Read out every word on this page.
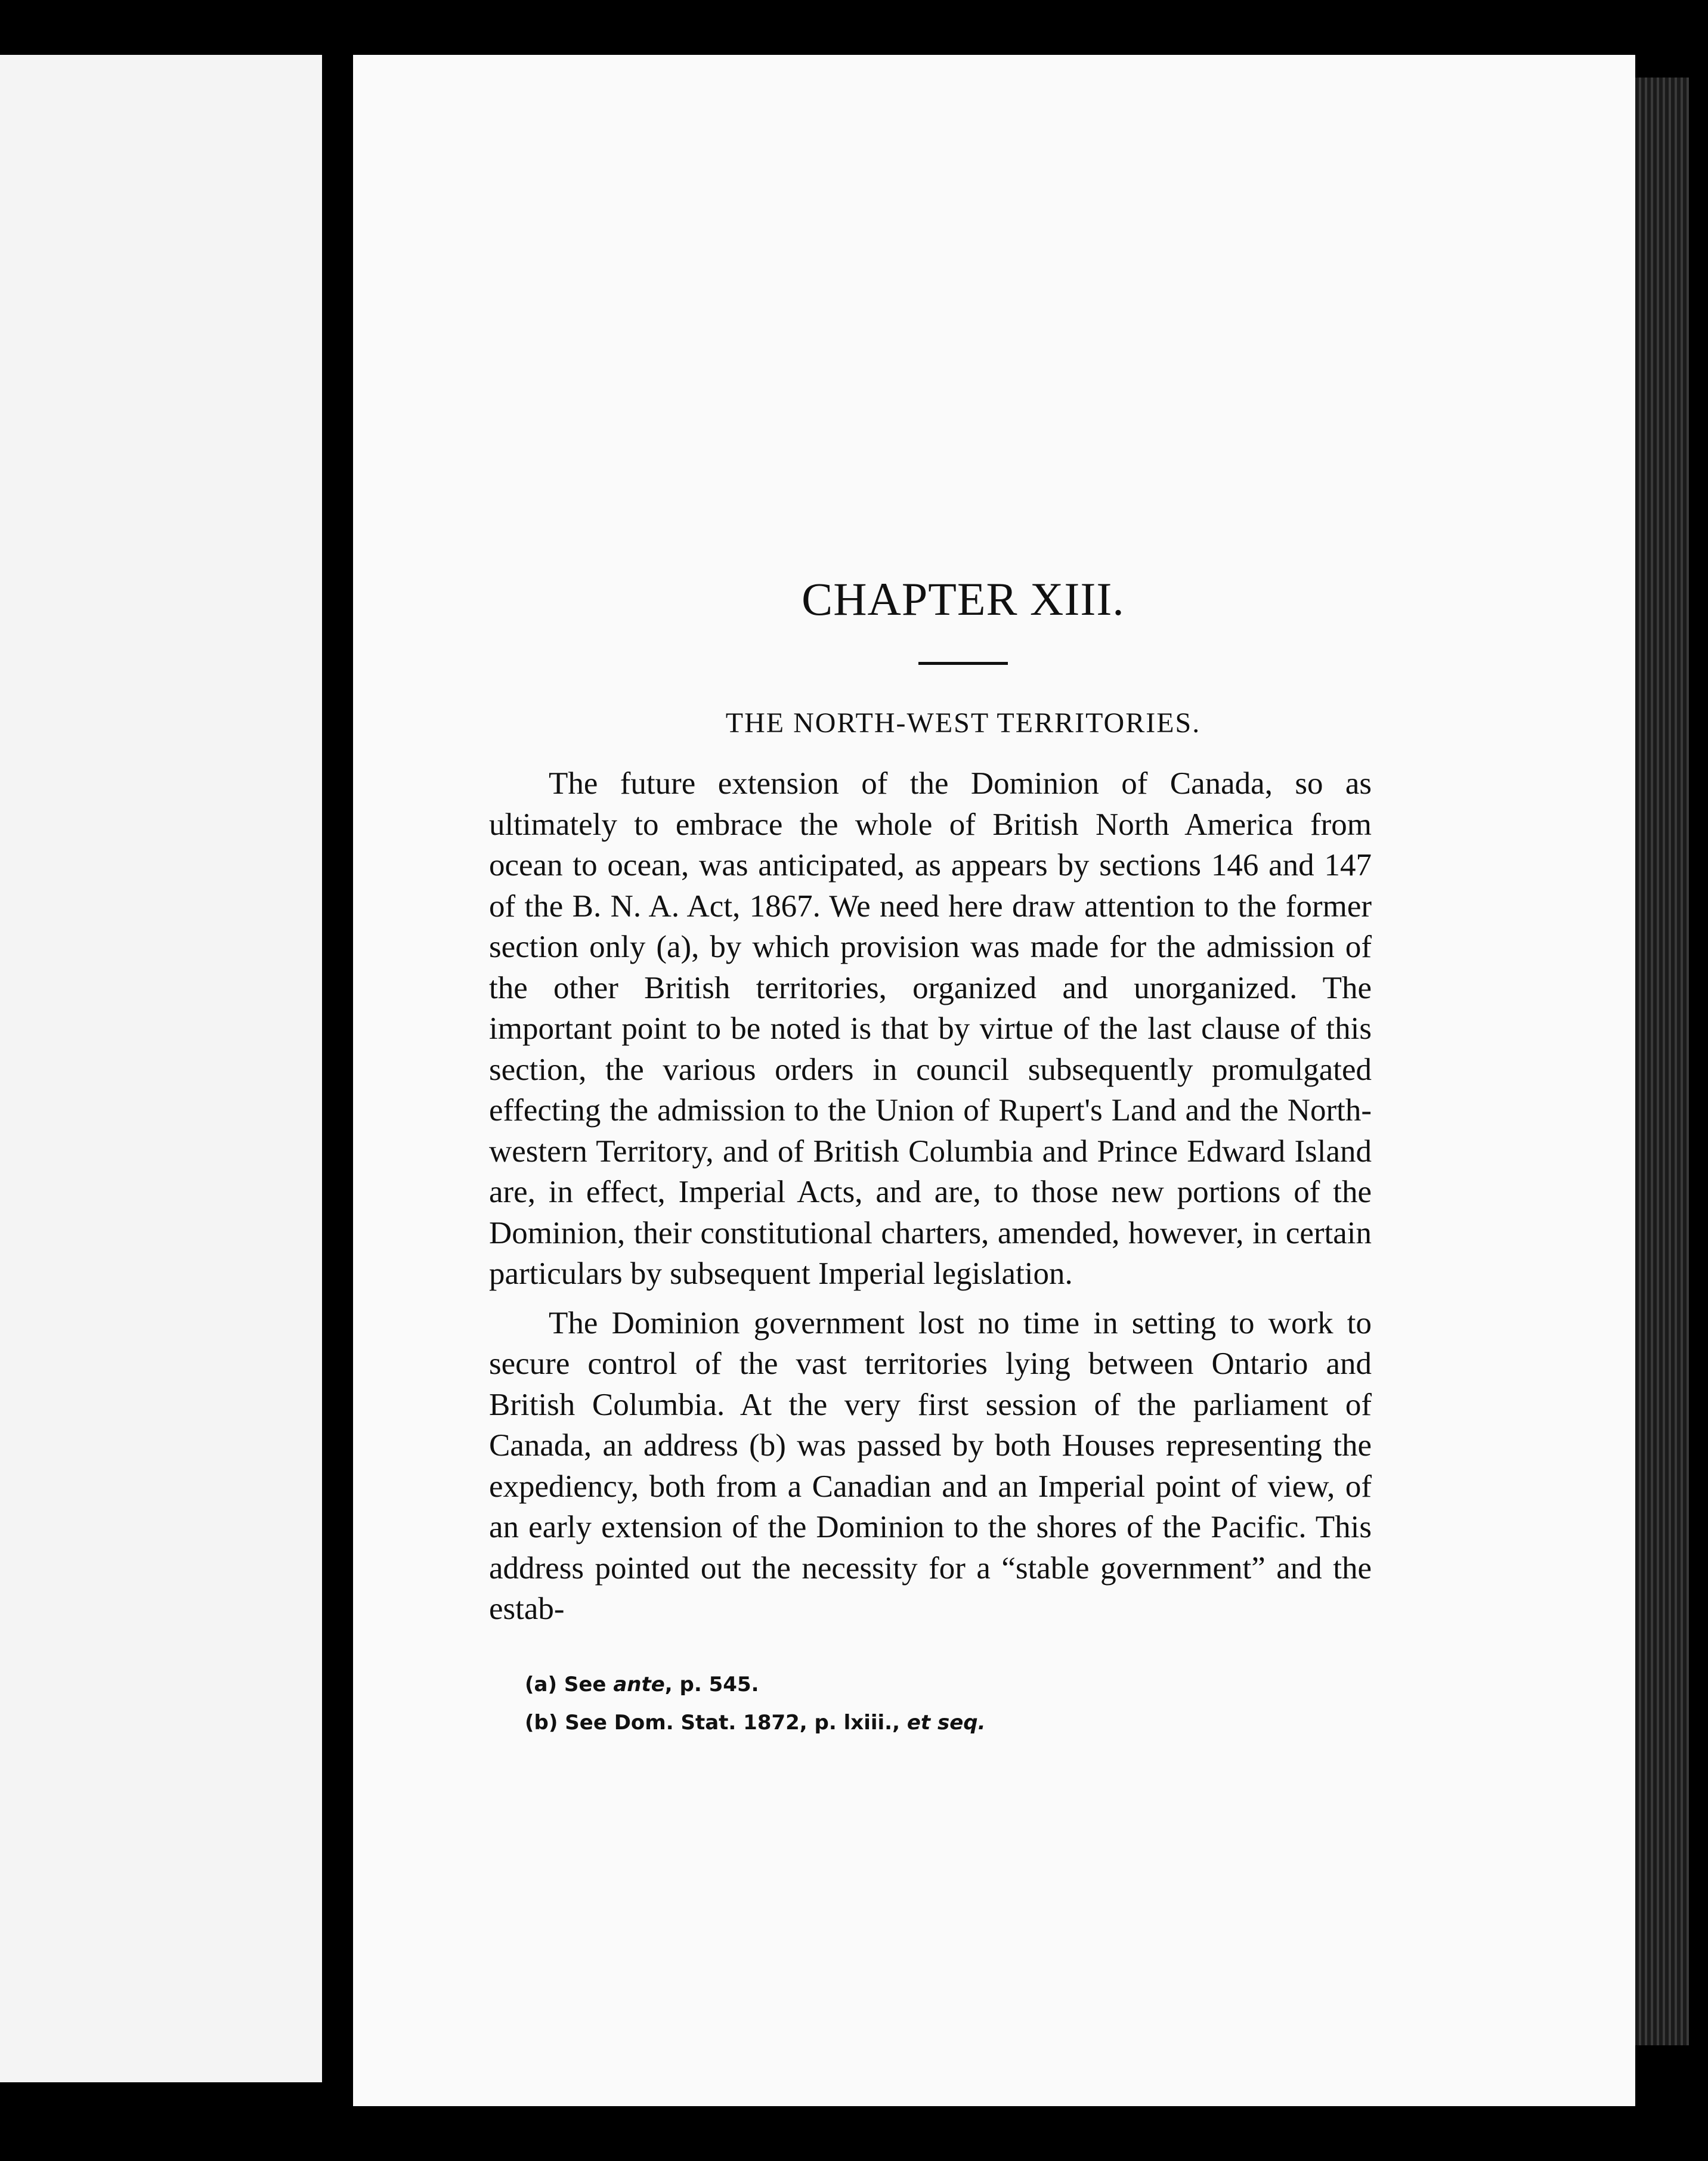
CHAPTER XIII.
THE NORTH-WEST TERRITORIES.

The future extension of the Dominion of Canada, so as ultimately to embrace the whole of British North America from ocean to ocean, was anticipated, as appears by sections 146 and 147 of the B. N. A. Act, 1867. We need here draw attention to the former section only (a), by which provision was made for the admission of the other British territories, organized and unorganized. The important point to be noted is that by virtue of the last clause of this section, the various orders in council subsequently promulgated effecting the admission to the Union of Rupert's Land and the North-western Territory, and of British Columbia and Prince Edward Island are, in effect, Imperial Acts, and are, to those new portions of the Dominion, their constitutional charters, amended, however, in certain particulars by subsequent Imperial legislation.

The Dominion government lost no time in setting to work to secure control of the vast territories lying between Ontario and British Columbia. At the very first session of the parliament of Canada, an address (b) was passed by both Houses representing the expediency, both from a Canadian and an Imperial point of view, of an early extension of the Dominion to the shores of the Pacific. This address pointed out the necessity for a “stable government” and the estab-

(a) See ante, p. 545.
(b) See Dom. Stat. 1872, p. lxiii., et seq.
